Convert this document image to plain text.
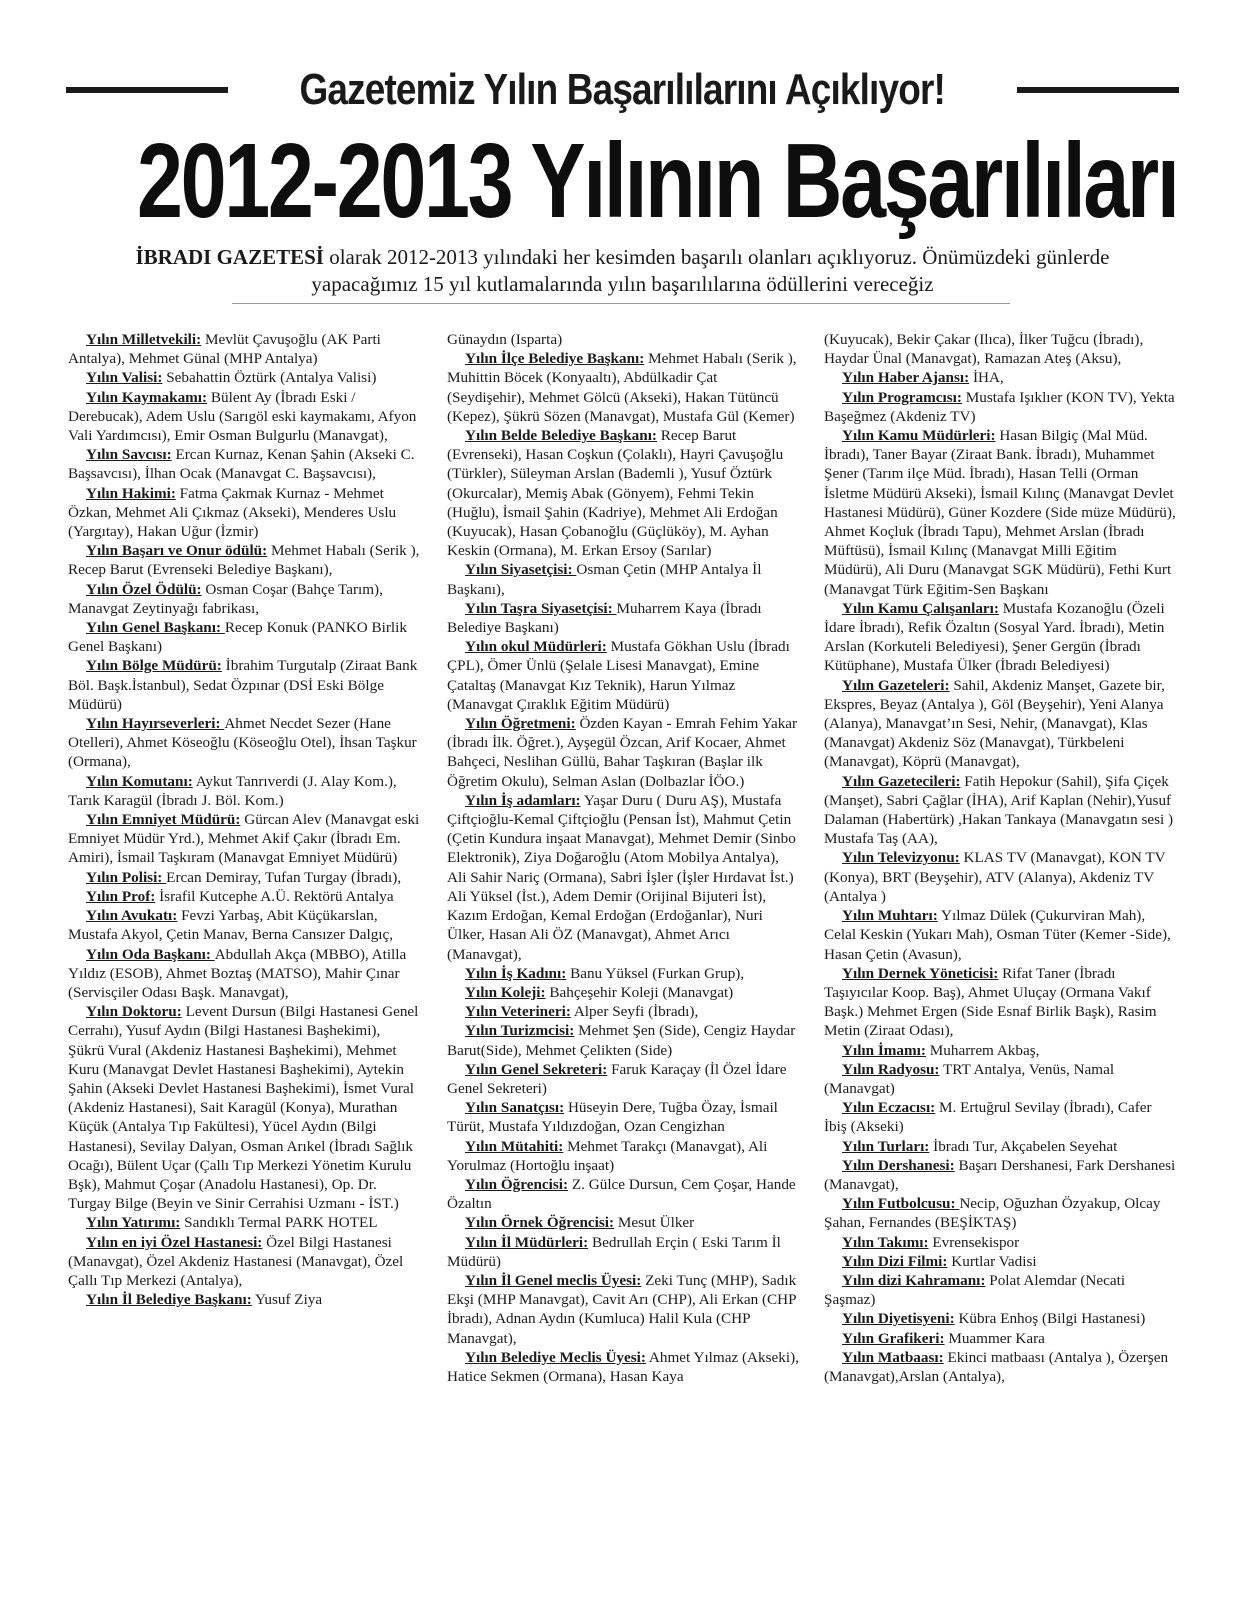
Gazetemiz Yılın Başarılılarını Açıklıyor!
2012-2013 Yılının Başarılıları
İBRADI GAZETESİ olarak 2012-2013 yılındaki her kesimden başarılı olanları açıklıyoruz. Önümüzdeki günlerde
yapacağımız 15 yıl kutlamalarında yılın başarılılarına ödüllerini vereceğiz

Yılın Milletvekili: Mevlüt Çavuşoğlu (AK Parti Antalya), Mehmet Günal (MHP Antalya)

Yılın Valisi: Sebahattin Öztürk (Antalya Valisi)

Yılın Kaymakamı: Bülent Ay (İbradı Eski / Derebucak), Adem Uslu (Sarıgöl eski kaymakamı, Afyon Vali Yardımcısı), Emir Osman Bulgurlu (Manavgat),

Yılın Savcısı: Ercan Kurnaz, Kenan Şahin (Akseki C. Başsavcısı), İlhan Ocak (Manavgat C. Başsavcısı),

Yılın Hakimi: Fatma Çakmak Kurnaz - Mehmet Özkan, Mehmet Ali Çıkmaz (Akseki), Menderes Uslu (Yargıtay), Hakan Uğur (İzmir)

Yılın Başarı ve Onur ödülü: Mehmet Habalı (Serik ), Recep Barut (Evrenseki Belediye Başkanı),

Yılın Özel Ödülü: Osman Coşar (Bahçe Tarım), Manavgat Zeytinyağı fabrikası,

Yılın Genel Başkanı: Recep Konuk (PANKO Birlik Genel Başkanı)

Yılın Bölge Müdürü: İbrahim Turgutalp (Ziraat Bank Böl. Başk.İstanbul), Sedat Özpınar (DSİ Eski Bölge Müdürü)

Yılın Hayırseverleri: Ahmet Necdet Sezer (Hane Otelleri), Ahmet Köseoğlu (Köseoğlu Otel), İhsan Taşkur (Ormana),

Yılın Komutanı: Aykut Tanrıverdi (J. Alay Kom.), Tarık Karagül (İbradı J. Böl. Kom.)

Yılın Emniyet Müdürü: Gürcan Alev (Manavgat eski Emniyet Müdür Yrd.), Mehmet Akif Çakır (İbradı Em. Amiri), İsmail Taşkıram (Manavgat Emniyet Müdürü)

Yılın Polisi: Ercan Demiray, Tufan Turgay (İbradı),

Yılın Prof: İsrafil Kutcephe A.Ü. Rektörü Antalya

Yılın Avukatı: Fevzi Yarbaş, Abit Küçükarslan, Mustafa Akyol, Çetin Manav, Berna Cansızer Dalgıç,

Yılın Oda Başkanı: Abdullah Akça (MBBO), Atilla Yıldız (ESOB), Ahmet Boztaş (MATSO), Mahir Çınar (Servisçiler Odası Başk. Manavgat),

Yılın Doktoru: Levent Dursun (Bilgi Hastanesi Genel Cerrahı), Yusuf Aydın (Bilgi Hastanesi Başhekimi), Şükrü Vural (Akdeniz Hastanesi Başhekimi), Mehmet Kuru (Manavgat Devlet Hastanesi Başhekimi), Aytekin Şahin (Akseki Devlet Hastanesi Başhekimi), İsmet Vural (Akdeniz Hastanesi), Sait Karagül (Konya), Murathan Küçük (Antalya Tıp Fakültesi), Yücel Aydın (Bilgi Hastanesi), Sevilay Dalyan, Osman Arıkel (İbradı Sağlık Ocağı), Bülent Uçar (Çallı Tıp Merkezi Yönetim Kurulu Bşk), Mahmut Çoşar (Anadolu Hastanesi), Op. Dr. Turgay Bilge (Beyin ve Sinir Cerrahisi Uzmanı - İST.)

Yılın Yatırımı: Sandıklı Termal PARK HOTEL

Yılın en iyi Özel Hastanesi: Özel Bilgi Hastanesi (Manavgat), Özel Akdeniz Hastanesi (Manavgat), Özel Çallı Tıp Merkezi (Antalya),

Yılın İl Belediye Başkanı: Yusuf Ziya

Günaydın (Isparta)

Yılın İlçe Belediye Başkanı: Mehmet Habalı (Serik ), Muhittin Böcek (Konyaaltı), Abdülkadir Çat (Seydişehir), Mehmet Gölcü (Akseki), Hakan Tütüncü (Kepez), Şükrü Sözen (Manavgat), Mustafa Gül (Kemer)

Yılın Belde Belediye Başkanı: Recep Barut (Evrenseki), Hasan Coşkun (Çolaklı), Hayri Çavuşoğlu (Türkler), Süleyman Arslan (Bademli ), Yusuf Öztürk (Okurcalar), Memiş Abak (Gönyem), Fehmi Tekin (Huğlu), İsmail Şahin (Kadriye), Mehmet Ali Erdoğan (Kuyucak), Hasan Çobanoğlu (Güçlüköy), M. Ayhan Keskin (Ormana), M. Erkan Ersoy (Sarılar)

Yılın Siyasetçisi: Osman Çetin (MHP Antalya İl Başkanı),

Yılın Taşra Siyasetçisi: Muharrem Kaya (İbradı Belediye Başkanı)

Yılın okul Müdürleri: Mustafa Gökhan Uslu (İbradı ÇPL), Ömer Ünlü (Şelale Lisesi Manavgat), Emine Çataltaş (Manavgat Kız Teknik), Harun Yılmaz (Manavgat Çıraklık Eğitim Müdürü)

Yılın Öğretmeni: Özden Kayan - Emrah Fehim Yakar (İbradı İlk. Öğret.), Ayşegül Özcan, Arif Kocaer, Ahmet Bahçeci, Neslihan Güllü, Bahar Taşkıran (Başlar ilk Öğretim Okulu), Selman Aslan (Dolbazlar İÖO.)

Yılın İş adamları: Yaşar Duru ( Duru AŞ), Mustafa Çiftçioğlu-Kemal Çiftçioğlu (Pensan İst), Mahmut Çetin (Çetin Kundura inşaat Manavgat), Mehmet Demir (Sinbo Elektronik), Ziya Doğaroğlu (Atom Mobilya Antalya), Ali Sahir Nariç (Ormana), Sabri İşler (İşler Hırdavat İst.) Ali Yüksel (İst.), Adem Demir (Orijinal Bijuteri İst), Kazım Erdoğan, Kemal Erdoğan (Erdoğanlar), Nuri Ülker, Hasan Ali ÖZ (Manavgat), Ahmet Arıcı (Manavgat),

Yılın İş Kadını: Banu Yüksel (Furkan Grup),

Yılın Koleji: Bahçeşehir Koleji (Manavgat)

Yılın Veterineri: Alper Seyfi (İbradı),

Yılın Turizmcisi: Mehmet Şen (Side), Cengiz Haydar Barut(Side), Mehmet Çelikten (Side)

Yılın Genel Sekreteri: Faruk Karaçay (İl Özel İdare Genel Sekreteri)

Yılın Sanatçısı: Hüseyin Dere, Tuğba Özay, İsmail Türüt, Mustafa Yıldızdoğan, Ozan Cengizhan

Yılın Mütahiti: Mehmet Tarakçı (Manavgat), Ali Yorulmaz (Hortoğlu inşaat)

Yılın Öğrencisi: Z. Gülce Dursun, Cem Çoşar, Hande Özaltın

Yılın Örnek Öğrencisi: Mesut Ülker

Yılın İl Müdürleri: Bedrullah Erçin ( Eski Tarım İl Müdürü)

Yılın İl Genel meclis Üyesi: Zeki Tunç (MHP), Sadık Ekşi (MHP Manavgat), Cavit Arı (CHP), Ali Erkan (CHP İbradı), Adnan Aydın (Kumluca) Halil Kula (CHP Manavgat),

Yılın Belediye Meclis Üyesi: Ahmet Yılmaz (Akseki), Hatice Sekmen (Ormana), Hasan Kaya

(Kuyucak), Bekir Çakar (Ilıca), İlker Tuğcu (İbradı), Haydar Ünal (Manavgat), Ramazan Ateş (Aksu),

Yılın Haber Ajansı: İHA,

Yılın Programcısı: Mustafa Işıklıer (KON TV), Yekta Başeğmez (Akdeniz TV)

Yılın Kamu Müdürleri: Hasan Bilgiç (Mal Müd. İbradı), Taner Bayar (Ziraat Bank. İbradı), Muhammet Şener (Tarım ilçe Müd. İbradı), Hasan Telli (Orman İsletme Müdürü Akseki), İsmail Kılınç (Manavgat Devlet Hastanesi Müdürü), Güner Kozdere (Side müze Müdürü), Ahmet Koçluk (İbradı Tapu), Mehmet Arslan (İbradı Müftüsü), İsmail Kılınç (Manavgat Milli Eğitim Müdürü), Ali Duru (Manavgat SGK Müdürü), Fethi Kurt (Manavgat Türk Eğitim-Sen Başkanı

Yılın Kamu Çalışanları: Mustafa Kozanoğlu (Özeli İdare İbradı), Refik Özaltın (Sosyal Yard. İbradı), Metin Arslan (Korkuteli Belediyesi), Şener Gergün (İbradı Kütüphane), Mustafa Ülker (İbradı Belediyesi)

Yılın Gazeteleri: Sahil, Akdeniz Manşet, Gazete bir, Ekspres, Beyaz (Antalya ), Göl (Beyşehir), Yeni Alanya (Alanya), Manavgat’ın Sesi, Nehir, (Manavgat), Klas (Manavgat) Akdeniz Söz (Manavgat), Türkbeleni (Manavgat), Köprü (Manavgat),

Yılın Gazetecileri: Fatih Hepokur (Sahil), Şifa Çiçek (Manşet), Sabri Çağlar (İHA), Arif Kaplan (Nehir),Yusuf Dalaman (Habertürk) ,Hakan Tankaya (Manavgatın sesi ) Mustafa Taş (AA),

Yılın Televizyonu: KLAS TV (Manavgat), KON TV (Konya), BRT (Beyşehir), ATV (Alanya), Akdeniz TV (Antalya )

Yılın Muhtarı: Yılmaz Dülek (Çukurviran Mah), Celal Keskin (Yukarı Mah), Osman Tüter (Kemer -Side), Hasan Çetin (Avasun),

Yılın Dernek Yöneticisi: Rifat Taner (İbradı Taşıyıcılar Koop. Baş), Ahmet Uluçay (Ormana Vakıf Başk.) Mehmet Ergen (Side Esnaf Birlik Başk), Rasim Metin (Ziraat Odası),

Yılın İmamı: Muharrem Akbaş,

Yılın Radyosu: TRT Antalya, Venüs, Namal (Manavgat)

Yılın Eczacısı: M. Ertuğrul Sevilay (İbradı), Cafer İbiş (Akseki)

Yılın Turları: İbradı Tur, Akçabelen Seyehat

Yılın Dershanesi: Başarı Dershanesi, Fark Dershanesi (Manavgat),

Yılın Futbolcusu: Necip, Oğuzhan Özyakup, Olcay Şahan, Fernandes (BEŞİKTAŞ)

Yılın Takımı: Evrensekispor

Yılın Dizi Filmi: Kurtlar Vadisi

Yılın dizi Kahramanı: Polat Alemdar (Necati Şaşmaz)

Yılın Diyetisyeni: Kübra Enhoş (Bilgi Hastanesi)

Yılın Grafikeri: Muammer Kara

Yılın Matbaası: Ekinci matbaası (Antalya ), Özerşen (Manavgat),Arslan (Antalya),
